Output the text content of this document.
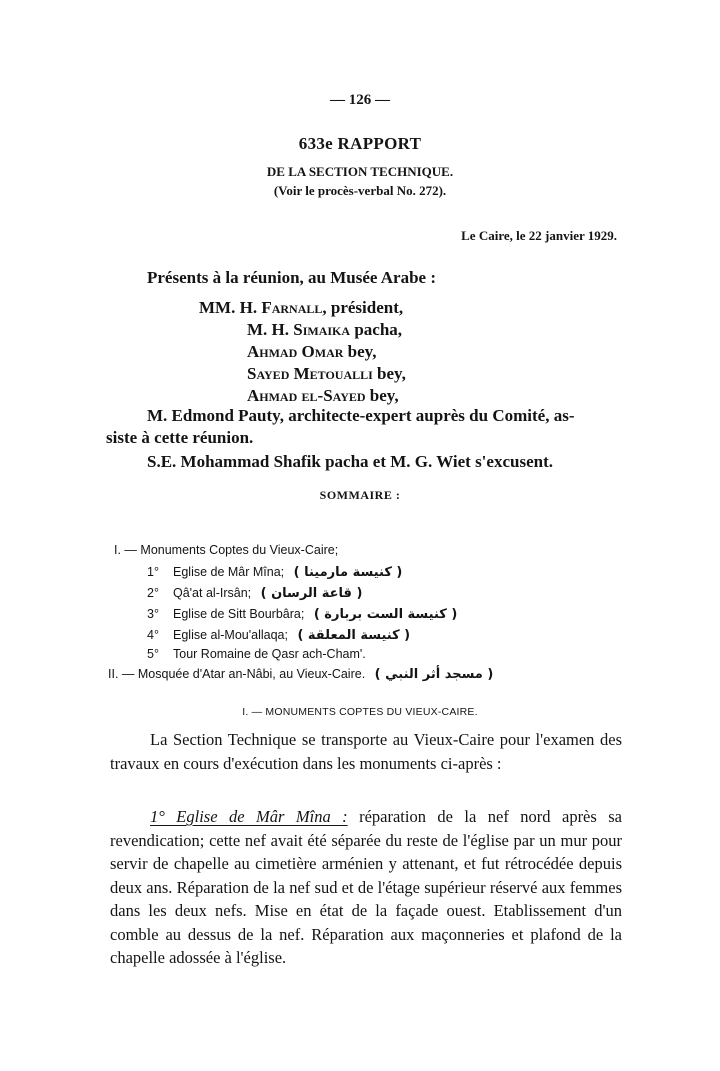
— 126 —
633e RAPPORT
DE LA SECTION TECHNIQUE.
(Voir le procès-verbal No. 272).
Le Caire, le 22 janvier 1929.
Présents à la réunion, au Musée Arabe :
MM. H. Farnall, président,
M. H. Simaika pacha,
Ahmad Omar bey,
Sayed Metoualli bey,
Ahmad el-Sayed bey,
M. Edmond Pauty, architecte-expert auprès du Comité, as-
siste à cette réunion.
S.E. Mohammad Shafik pacha et M. G. Wiet s'excusent.
SOMMAIRE :
I. — Monuments Coptes du Vieux-Caire;
1° Eglise de Mâr Mîna; ( كنيسة مارمينا )
2° Qâ'at al-Irsân; ( قاعة الرسان )
3° Eglise de Sitt Bourbâra; ( كنيسة الست بربارة )
4° Eglise al-Mou'allaqa; ( كنيسة المعلقة )
5° Tour Romaine de Qasr ach-Cham'.
II. — Mosquée d'Atar an-Nâbi, au Vieux-Caire. ( مسجد أثر النبي )
I. — MONUMENTS COPTES DU VIEUX-CAIRE.

La Section Technique se transporte au Vieux-Caire pour l'examen des travaux en cours d'exécution dans les monuments ci-après :

1° Eglise de Mâr Mîna : réparation de la nef nord après sa revendication; cette nef avait été séparée du reste de l'église par un mur pour servir de chapelle au cimetière arménien y attenant, et fut rétrocédée depuis deux ans. Réparation de la nef sud et de l'étage supérieur réservé aux femmes dans les deux nefs. Mise en état de la façade ouest. Etablissement d'un comble au dessus de la nef. Réparation aux maçonneries et plafond de la chapelle adossée à l'église.
